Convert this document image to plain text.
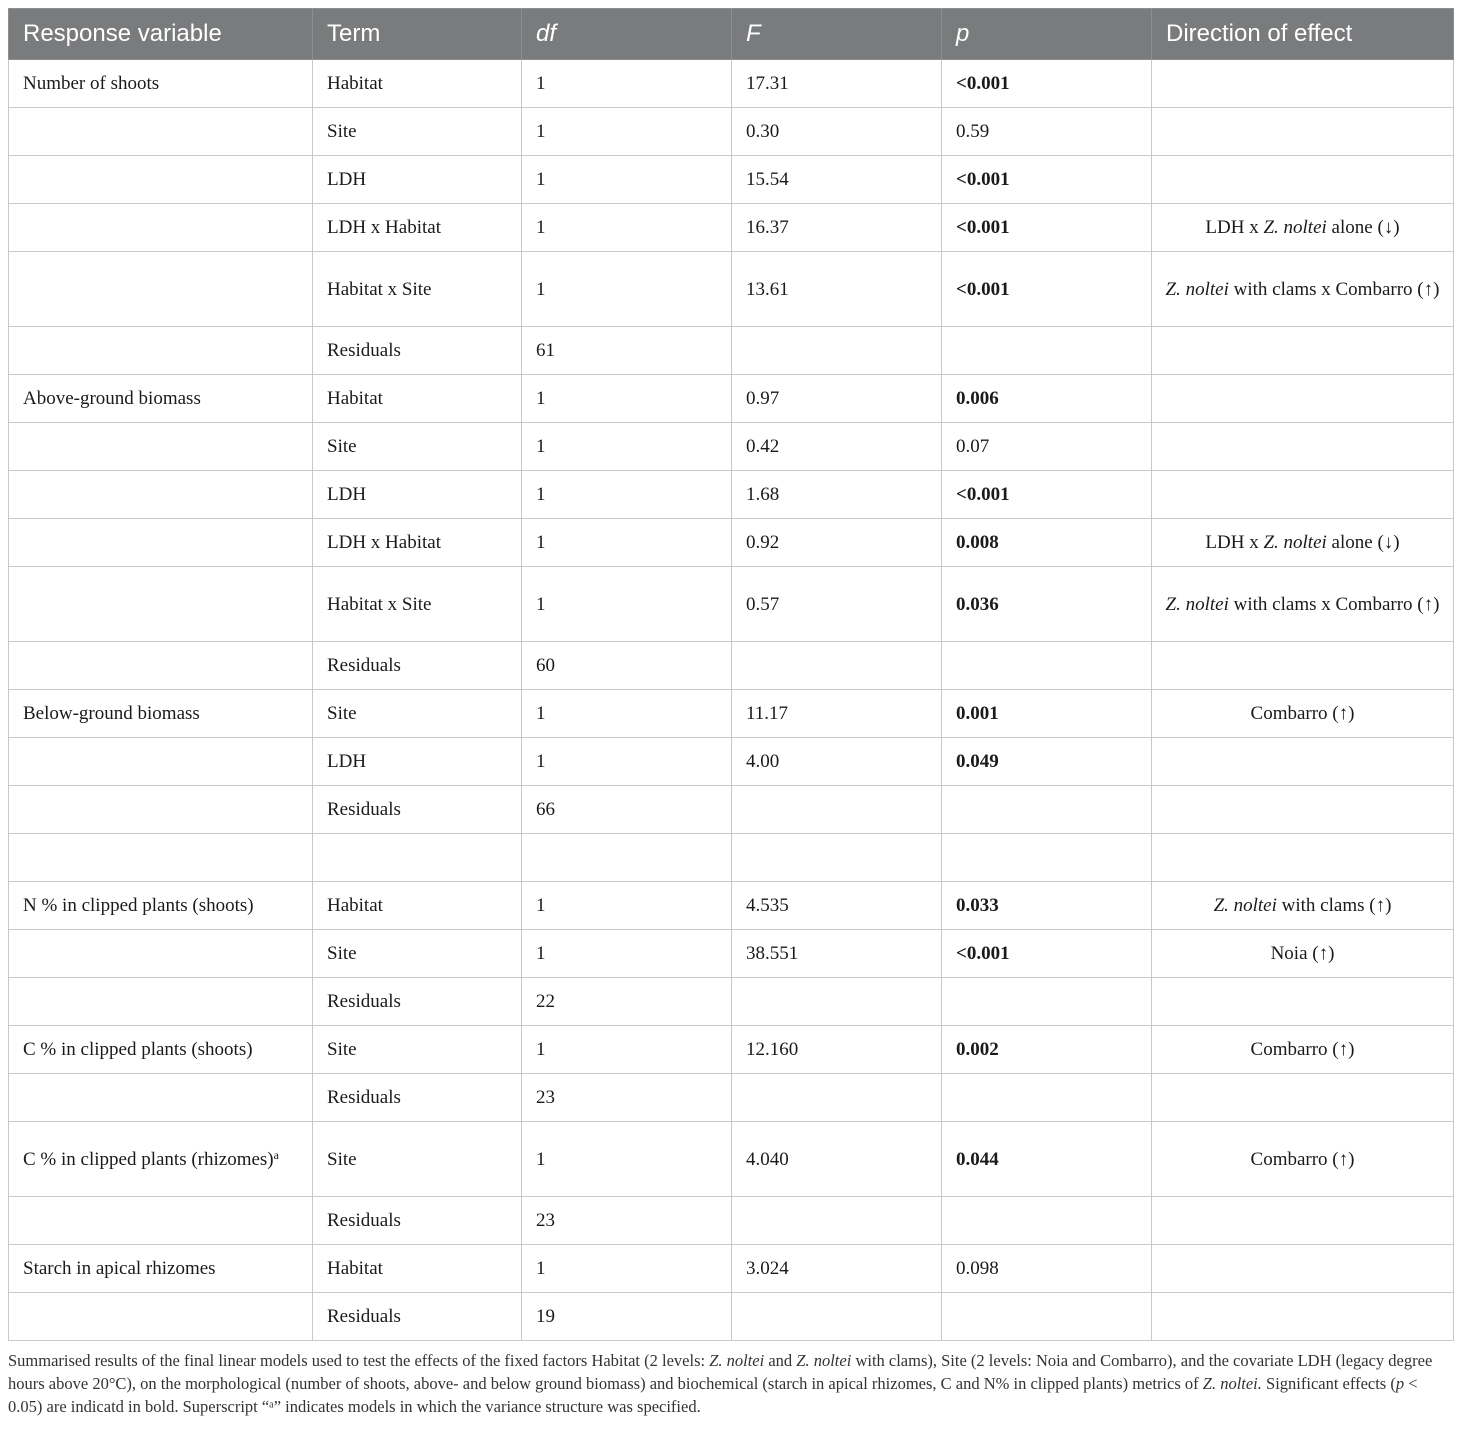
Response variable	Term	df	F	p	Direction of effect
Number of shoots	Habitat	1	17.31	<0.001	
	Site	1	0.30	0.59	
	LDH	1	15.54	<0.001	
	LDH x Habitat	1	16.37	<0.001	LDH x Z. noltei alone (↓)
	Habitat x Site	1	13.61	<0.001	Z. noltei with clams x Combarro (↑)
	Residuals	61			
Above-ground biomass	Habitat	1	0.97	0.006	
	Site	1	0.42	0.07	
	LDH	1	1.68	<0.001	
	LDH x Habitat	1	0.92	0.008	LDH x Z. noltei alone (↓)
	Habitat x Site	1	0.57	0.036	Z. noltei with clams x Combarro (↑)
	Residuals	60			
Below-ground biomass	Site	1	11.17	0.001	Combarro (↑)
	LDH	1	4.00	0.049	
	Residuals	66			

N % in clipped plants (shoots)	Habitat	1	4.535	0.033	Z. noltei with clams (↑)
	Site	1	38.551	<0.001	Noia (↑)
	Residuals	22			
C % in clipped plants (shoots)	Site	1	12.160	0.002	Combarro (↑)
	Residuals	23			
C % in clipped plants (rhizomes)$^a$	Site	1	4.040	0.044	Combarro (↑)
	Residuals	23			
Starch in apical rhizomes	Habitat	1	3.024	0.098	
	Residuals	19			
Summarised results of the final linear models used to test the effects of the fixed factors Habitat (2 levels: Z. noltei and Z. noltei with clams), Site (2 levels: Noia and Combarro), and the covariate LDH (legacy degree hours above 20°C), on the morphological (number of shoots, above- and below ground biomass) and biochemical (starch in apical rhizomes, C and N% in clipped plants) metrics of Z. noltei. Significant effects (p < 0.05) are indicatd in bold. Superscript “ᵃ” indicates models in which the variance structure was specified.
